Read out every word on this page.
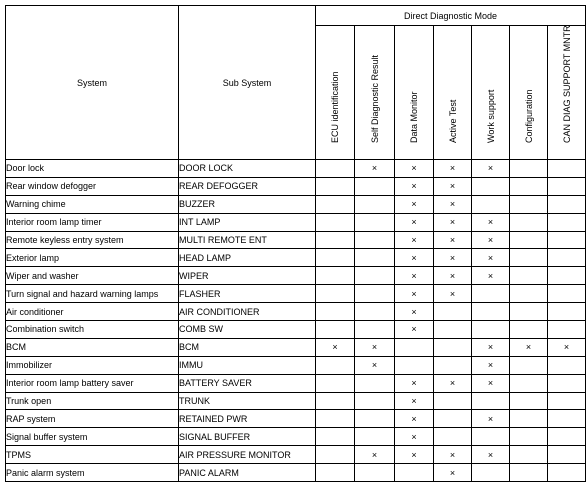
System	Sub System	Direct Diagnostic Mode						

		ECU identification	Self Diagnostic Result	Data Monitor	Active Test	Work support	Configuration	CAN DIAG SUPPORT MNTR

Door lock	DOOR LOCK		×	×	×	×		
Rear window defogger	REAR DEFOGGER			×	×			
Warning chime	BUZZER			×	×			
Interior room lamp timer	INT LAMP			×	×	×		
Remote keyless entry system	MULTI REMOTE ENT			×	×	×		
Exterior lamp	HEAD LAMP			×	×	×		
Wiper and washer	WIPER			×	×	×		
Turn signal and hazard warning lamps	FLASHER			×	×			
Air conditioner	AIR CONDITIONER			×				
Combination switch	COMB SW			×				
BCM	BCM	×	×			×	×	×
Immobilizer	IMMU		×			×		
Interior room lamp battery saver	BATTERY SAVER			×	×	×		
Trunk open	TRUNK			×				
RAP system	RETAINED PWR			×		×		
Signal buffer system	SIGNAL BUFFER			×				
TPMS	AIR PRESSURE MONITOR		×	×	×	×		
Panic alarm system	PANIC ALARM				×			
